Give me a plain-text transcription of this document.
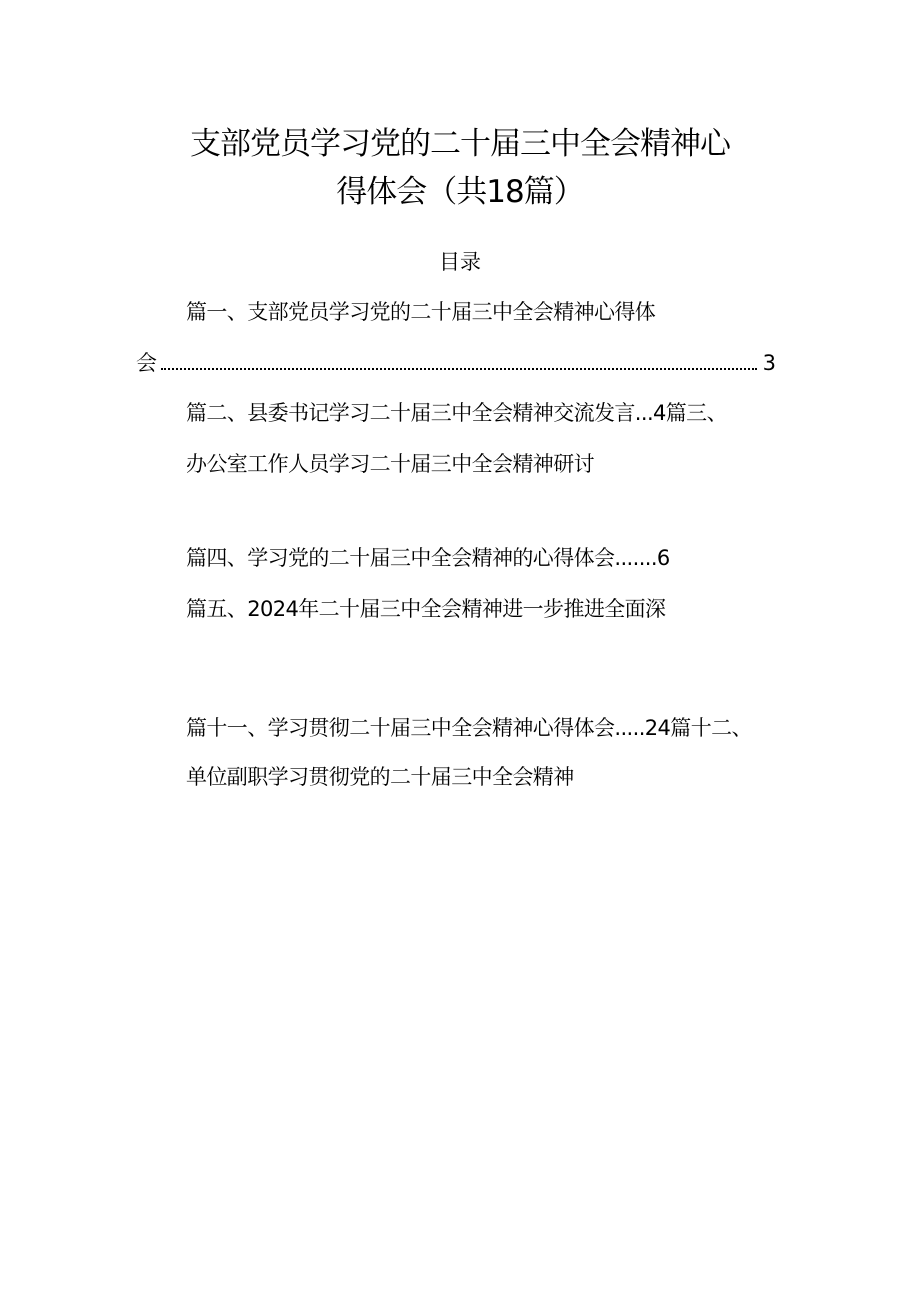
支部党员学习党的二十届三中全会精神心
得体会（共18篇）
目录
篇一、支部党员学习党的二十届三中全会精神心得体
会	3
篇二、县委书记学习二十届三中全会精神交流发言...4篇三、
办公室工作人员学习二十届三中全会精神研讨
篇四、学习党的二十届三中全会精神的心得体会.......6
篇五、2024年二十届三中全会精神进一步推进全面深
篇十一、学习贯彻二十届三中全会精神心得体会.....24篇十二、
单位副职学习贯彻党的二十届三中全会精神
